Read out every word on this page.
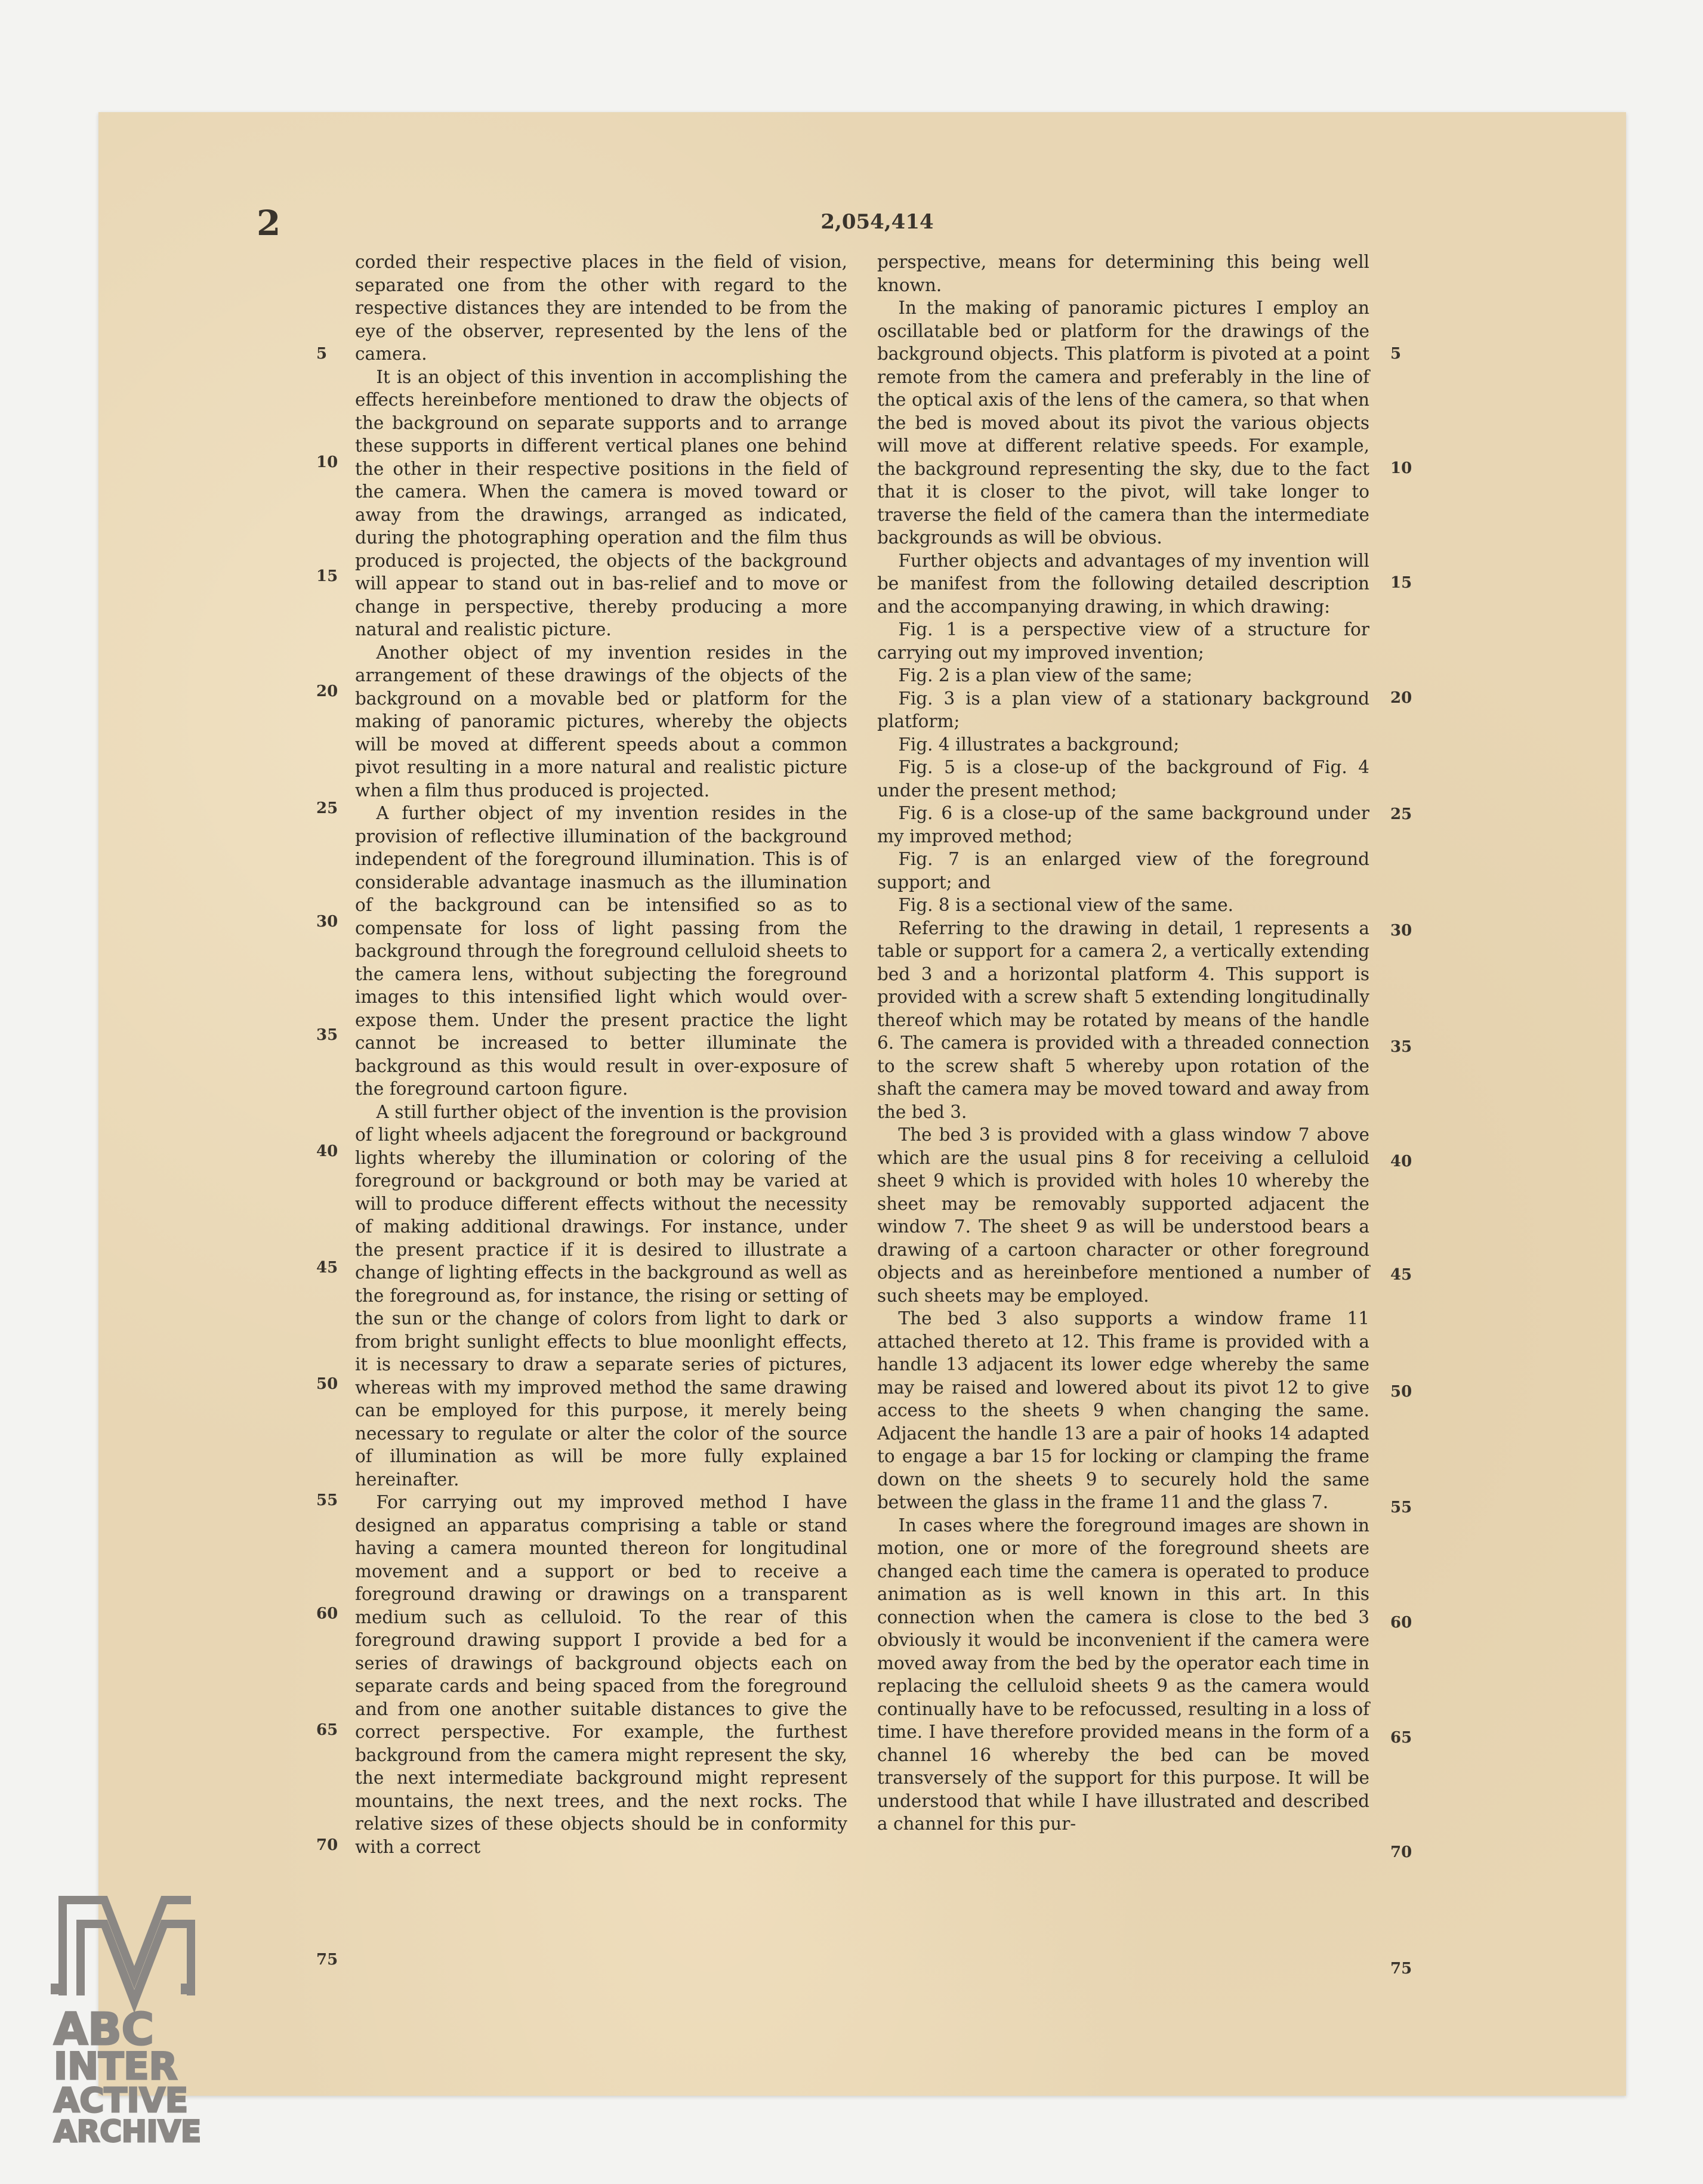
2	2,054,414

corded their respective places in the field of vision, separated one from the other with regard to the respective distances they are intended to be from the eye of the observer, represented by the lens of the camera.

It is an object of this invention in accomplishing the effects hereinbefore mentioned to draw the objects of the background on separate supports and to arrange these supports in different vertical planes one behind the other in their respective positions in the field of the camera. When the camera is moved toward or away from the drawings, arranged as indicated, during the photographing operation and the film thus produced is projected, the objects of the background will appear to stand out in bas-relief and to move or change in perspective, thereby producing a more natural and realistic picture.

Another object of my invention resides in the arrangement of these drawings of the objects of the background on a movable bed or platform for the making of panoramic pictures, whereby the objects will be moved at different speeds about a common pivot resulting in a more natural and realistic picture when a film thus produced is projected.

A further object of my invention resides in the provision of reflective illumination of the background independent of the foreground illumination. This is of considerable advantage inasmuch as the illumination of the background can be intensified so as to compensate for loss of light passing from the background through the foreground celluloid sheets to the camera lens, without subjecting the foreground images to this intensified light which would over-expose them. Under the present practice the light cannot be increased to better illuminate the background as this would result in over-exposure of the foreground cartoon figure.

A still further object of the invention is the provision of light wheels adjacent the foreground or background lights whereby the illumination or coloring of the foreground or background or both may be varied at will to produce different effects without the necessity of making additional drawings. For instance, under the present practice if it is desired to illustrate a change of lighting effects in the background as well as the foreground as, for instance, the rising or setting of the sun or the change of colors from light to dark or from bright sunlight effects to blue moonlight effects, it is necessary to draw a separate series of pictures, whereas with my improved method the same drawing can be employed for this purpose, it merely being necessary to regulate or alter the color of the source of illumination as will be more fully explained hereinafter.

For carrying out my improved method I have designed an apparatus comprising a table or stand having a camera mounted thereon for longitudinal movement and a support or bed to receive a foreground drawing or drawings on a transparent medium such as celluloid. To the rear of this foreground drawing support I provide a bed for a series of drawings of background objects each on separate cards and being spaced from the foreground and from one another suitable distances to give the correct perspective. For example, the furthest background from the camera might represent the sky, the next intermediate background might represent mountains, the next trees, and the next rocks. The relative sizes of these objects should be in conformity with a correct

perspective, means for determining this being well known.

In the making of panoramic pictures I employ an oscillatable bed or platform for the drawings of the background objects. This platform is pivoted at a point remote from the camera and preferably in the line of the optical axis of the lens of the camera, so that when the bed is moved about its pivot the various objects will move at different relative speeds. For example, the background representing the sky, due to the fact that it is closer to the pivot, will take longer to traverse the field of the camera than the intermediate backgrounds as will be obvious.

Further objects and advantages of my invention will be manifest from the following detailed description and the accompanying drawing, in which drawing:

Fig. 1 is a perspective view of a structure for carrying out my improved invention;

Fig. 2 is a plan view of the same;

Fig. 3 is a plan view of a stationary background platform;

Fig. 4 illustrates a background;

Fig. 5 is a close-up of the background of Fig. 4 under the present method;

Fig. 6 is a close-up of the same background under my improved method;

Fig. 7 is an enlarged view of the foreground support; and

Fig. 8 is a sectional view of the same.

Referring to the drawing in detail, 1 represents a table or support for a camera 2, a vertically extending bed 3 and a horizontal platform 4. This support is provided with a screw shaft 5 extending longitudinally thereof which may be rotated by means of the handle 6. The camera is provided with a threaded connection to the screw shaft 5 whereby upon rotation of the shaft the camera may be moved toward and away from the bed 3.

The bed 3 is provided with a glass window 7 above which are the usual pins 8 for receiving a celluloid sheet 9 which is provided with holes 10 whereby the sheet may be removably supported adjacent the window 7. The sheet 9 as will be understood bears a drawing of a cartoon character or other foreground objects and as hereinbefore mentioned a number of such sheets may be employed.

The bed 3 also supports a window frame 11 attached thereto at 12. This frame is provided with a handle 13 adjacent its lower edge whereby the same may be raised and lowered about its pivot 12 to give access to the sheets 9 when changing the same. Adjacent the handle 13 are a pair of hooks 14 adapted to engage a bar 15 for locking or clamping the frame down on the sheets 9 to securely hold the same between the glass in the frame 11 and the glass 7.

In cases where the foreground images are shown in motion, one or more of the foreground sheets are changed each time the camera is operated to produce animation as is well known in this art. In this connection when the camera is close to the bed 3 obviously it would be inconvenient if the camera were moved away from the bed by the operator each time in replacing the celluloid sheets 9 as the camera would continually have to be refocussed, resulting in a loss of time. I have therefore provided means in the form of a channel 16 whereby the bed can be moved transversely of the support for this purpose. It will be understood that while I have illustrated and described a channel for this pur-

5	5
10	10
15	15
20	20
25	25
30	30
35
35
40
40
45	45
50	50
55	55
60	60
65	65
70	70
75	75
ABC
INTER
ACTIVE
ARCHIVE
